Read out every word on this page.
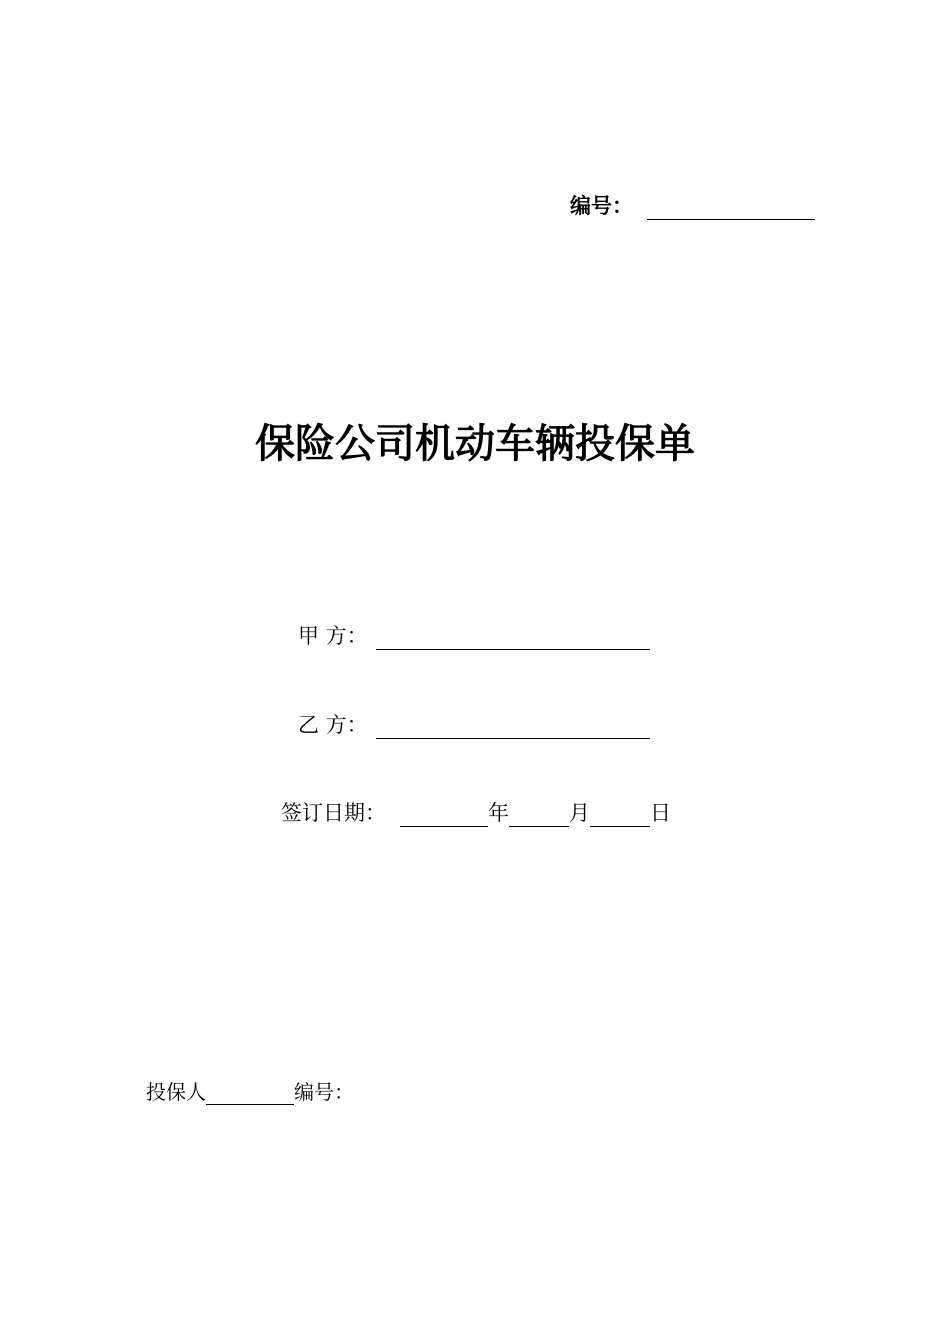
编号：
保险公司机动车辆投保单
甲 方：
乙 方：
签订日期：	年	月	日
投保人	编号：
